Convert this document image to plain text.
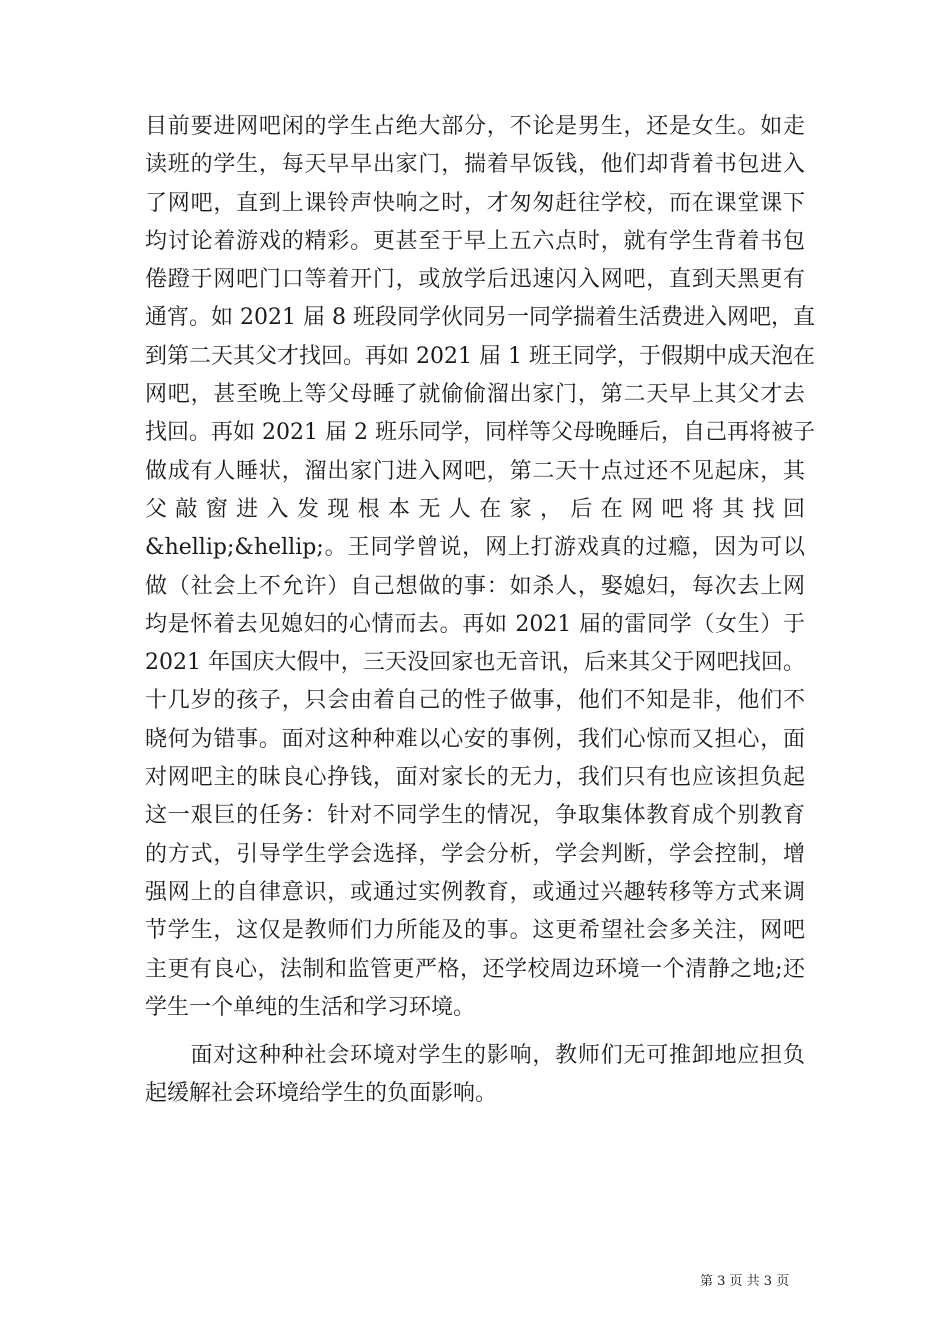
目前要进网吧闲的学生占绝大部分，不论是男生，还是女生。如走
读班的学生，每天早早出家门，揣着早饭钱，他们却背着书包进入
了网吧，直到上课铃声快响之时，才匆匆赶往学校，而在课堂课下
均讨论着游戏的精彩。更甚至于早上五六点时，就有学生背着书包
倦蹬于网吧门口等着开门，或放学后迅速闪入网吧，直到天黑更有
通宵。如 2021 届 8 班段同学伙同另一同学揣着生活费进入网吧，直
到第二天其父才找回。再如 2021 届 1 班王同学，于假期中成天泡在
网吧，甚至晚上等父母睡了就偷偷溜出家门，第二天早上其父才去
找回。再如 2021 届 2 班乐同学，同样等父母晚睡后，自己再将被子
做成有人睡状，溜出家门进入网吧，第二天十点过还不见起床，其
父 敲 窗 进 入 发 现 根 本 无 人 在 家 ， 后 在 网 吧 将 其 找 回
&hellip;&hellip;。王同学曾说，网上打游戏真的过瘾，因为可以
做（社会上不允许）自己想做的事：如杀人，娶媳妇，每次去上网
均是怀着去见媳妇的心情而去。再如 2021 届的雷同学（女生）于
2021 年国庆大假中，三天没回家也无音讯，后来其父于网吧找回。
十几岁的孩子，只会由着自己的性子做事，他们不知是非，他们不
晓何为错事。面对这种种难以心安的事例，我们心惊而又担心，面
对网吧主的昧良心挣钱，面对家长的无力，我们只有也应该担负起
这一艰巨的任务：针对不同学生的情况，争取集体教育成个别教育
的方式，引导学生学会选择，学会分析，学会判断，学会控制，增
强网上的自律意识，或通过实例教育，或通过兴趣转移等方式来调
节学生，这仅是教师们力所能及的事。这更希望社会多关注，网吧
主更有良心，法制和监管更严格，还学校周边环境一个清静之地;还
学生一个单纯的生活和学习环境。
　　面对这种种社会环境对学生的影响，教师们无可推卸地应担负
起缓解社会环境给学生的负面影响。
第 3 页 共 3 页
